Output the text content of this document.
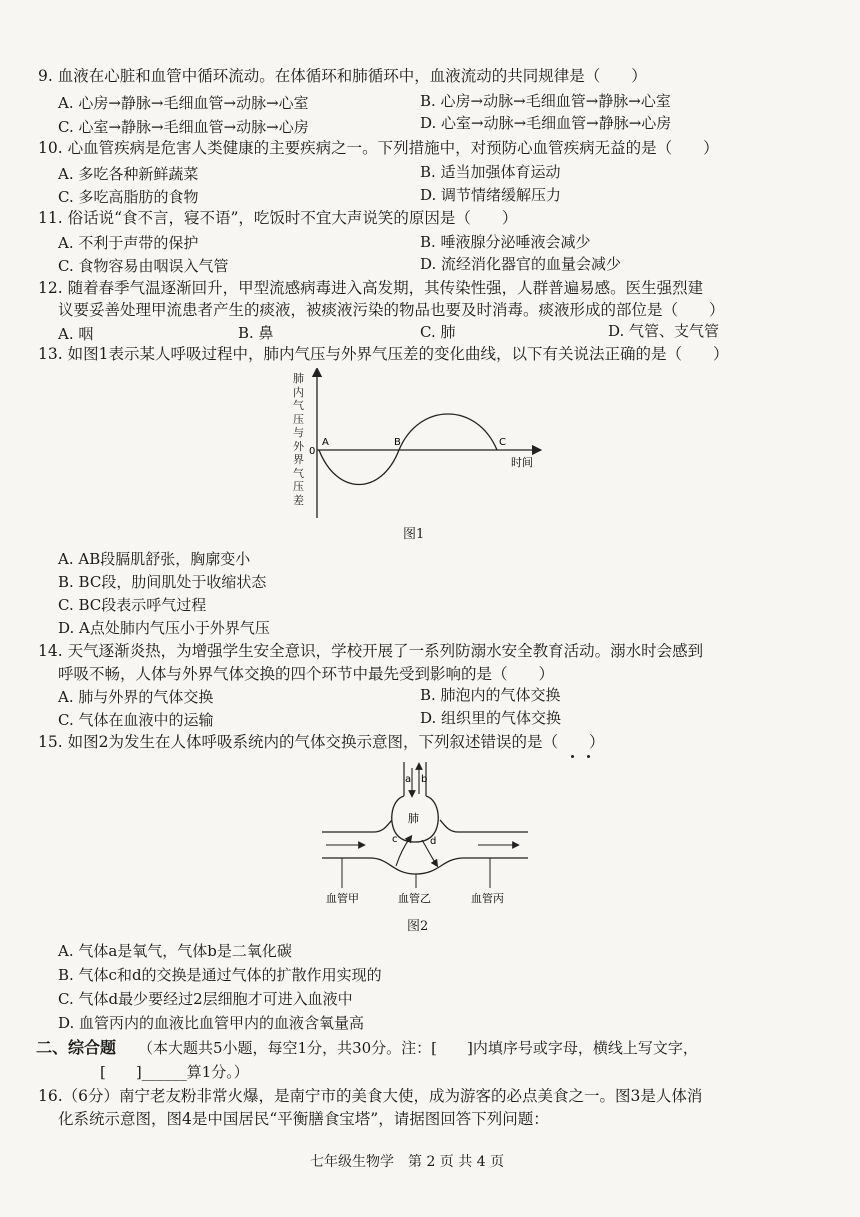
9. 血液在心脏和血管中循环流动。在体循环和肺循环中，血液流动的共同规律是（　　）
A. 心房→静脉→毛细血管→动脉→心室	B. 心房→动脉→毛细血管→静脉→心室
C. 心室→静脉→毛细血管→动脉→心房	D. 心室→动脉→毛细血管→静脉→心房
10. 心血管疾病是危害人类健康的主要疾病之一。下列措施中，对预防心血管疾病无益的是（　　）
A. 多吃各种新鲜蔬菜	B. 适当加强体育运动
C. 多吃高脂肪的食物	D. 调节情绪缓解压力
11. 俗话说“食不言，寝不语”，吃饭时不宜大声说笑的原因是（　　）
A. 不利于声带的保护	B. 唾液腺分泌唾液会减少
C. 食物容易由咽误入气管	D. 流经消化器官的血量会减少
12. 随着春季气温逐渐回升，甲型流感病毒进入高发期，其传染性强，人群普遍易感。医生强烈建
议要妥善处理甲流患者产生的痰液，被痰液污染的物品也要及时消毒。痰液形成的部位是（　　）
A. 咽	B. 鼻	C. 肺	D. 气管、支气管
13. 如图1表示某人呼吸过程中，肺内气压与外界气压差的变化曲线，以下有关说法正确的是（　　）
0
A	B	C
时间
肺内气压与外界气压差
图1
A. AB段膈肌舒张，胸廓变小
B. BC段，肋间肌处于收缩状态
C. BC段表示呼气过程
D. A点处肺内气压小于外界气压
14. 天气逐渐炎热，为增强学生安全意识，学校开展了一系列防溺水安全教育活动。溺水时会感到
呼吸不畅，人体与外界气体交换的四个环节中最先受到影响的是（　　）
A. 肺与外界的气体交换	B. 肺泡内的气体交换
C. 气体在血液中的运输	D. 组织里的气体交换
15. 如图2为发生在人体呼吸系统内的气体交换示意图，下列叙述错误的是（　　）
a b
肺
c	d
血管甲	血管乙	血管丙
图2
A. 气体a是氧气，气体b是二氧化碳
B. 气体c和d的交换是通过气体的扩散作用实现的
C. 气体d最少要经过2层细胞才可进入血液中
D. 血管丙内的血液比血管甲内的血液含氧量高
二、综合题 （本大题共5小题，每空1分，共30分。注：[　　]内填序号或字母，横线上写文字，
[　　]______算1分。）
16.（6分）南宁老友粉非常火爆，是南宁市的美食大使，成为游客的必点美食之一。图3是人体消
化系统示意图，图4是中国居民“平衡膳食宝塔”，请据图回答下列问题：
七年级生物学　第 2 页 共 4 页
